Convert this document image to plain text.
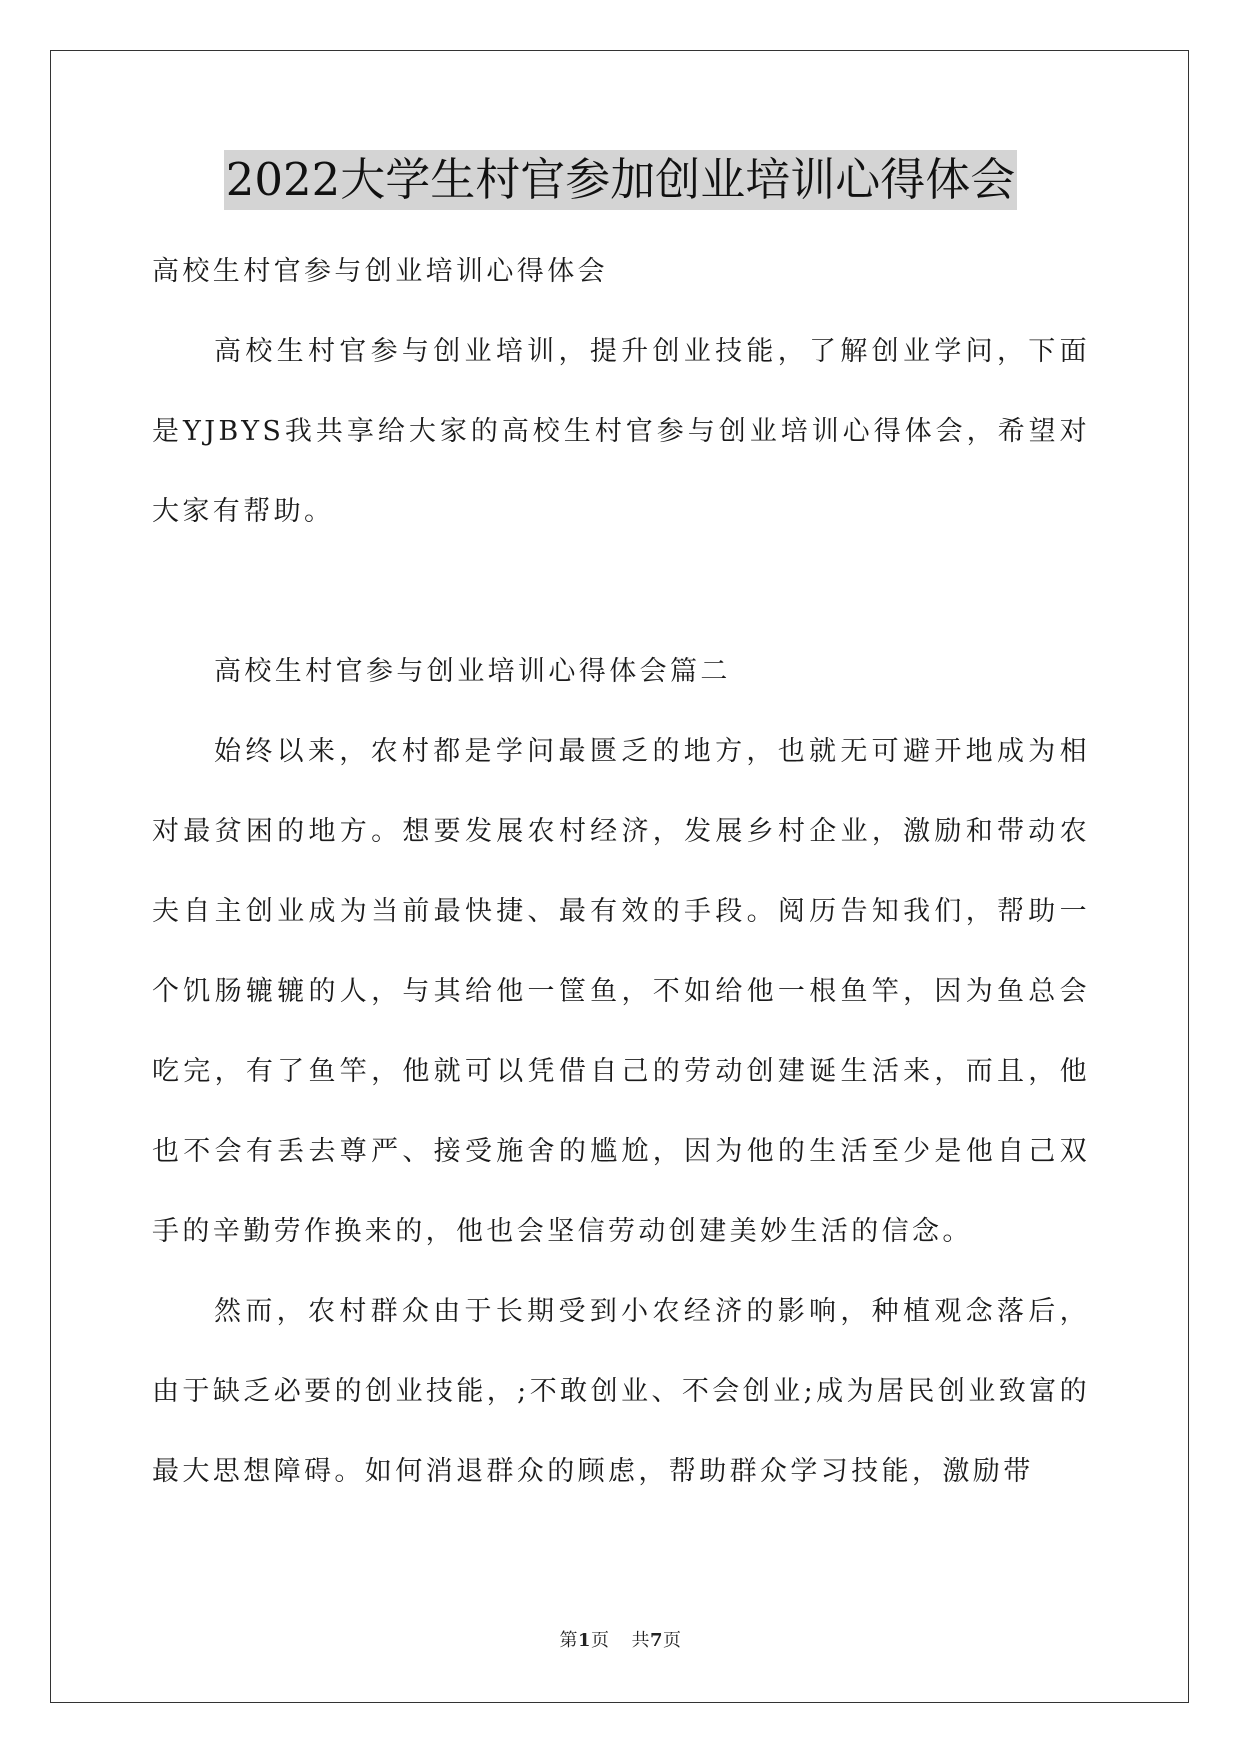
2022大学生村官参加创业培训心得体会

高校生村官参与创业培训心得体会

高校生村官参与创业培训，提升创业技能，了解创业学问，下面是YJBYS我共享给大家的高校生村官参与创业培训心得体会，希望对大家有帮助。

高校生村官参与创业培训心得体会篇二

始终以来，农村都是学问最匮乏的地方，也就无可避开地成为相对最贫困的地方。想要发展农村经济，发展乡村企业，激励和带动农夫自主创业成为当前最快捷、最有效的手段。阅历告知我们，帮助一个饥肠辘辘的人，与其给他一筐鱼，不如给他一根鱼竿，因为鱼总会吃完，有了鱼竿，他就可以凭借自己的劳动创建诞生活来，而且，他也不会有丢去尊严、接受施舍的尴尬，因为他的生活至少是他自己双手的辛勤劳作换来的，他也会坚信劳动创建美妙生活的信念。

然而，农村群众由于长期受到小农经济的影响，种植观念落后，由于缺乏必要的创业技能，;不敢创业、不会创业;成为居民创业致富的最大思想障碍。如何消退群众的顾虑，帮助群众学习技能，激励带

第1页 共7页
